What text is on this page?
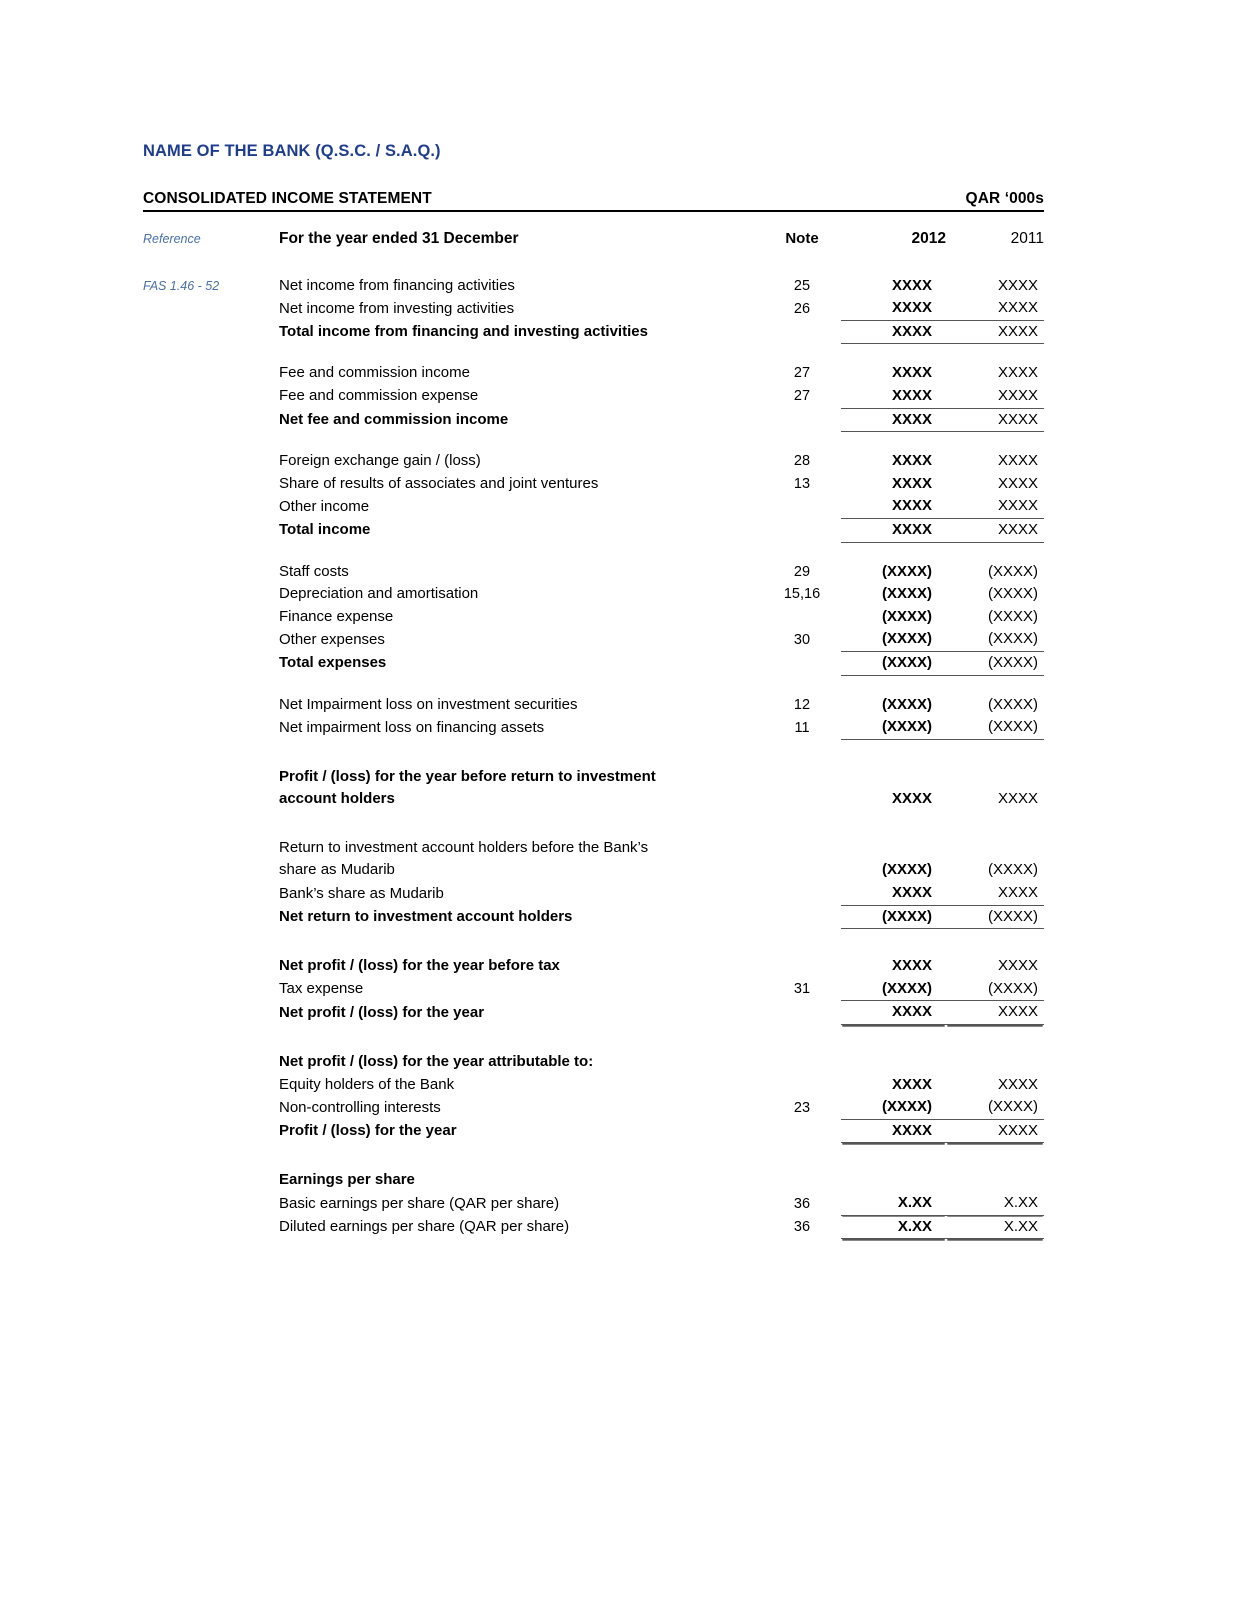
NAME OF THE BANK (Q.S.C. / S.A.Q.)
CONSOLIDATED INCOME STATEMENT	QAR ‘000s
Reference	For the year ended 31 December	Note	2012	2011

FAS 1.46 - 52	Net income from financing activities	25	XXXX	XXXX
	Net income from investing activities	26	XXXX	XXXX
	Total income from financing and investing activities		XXXX	XXXX

	Fee and commission income	27	XXXX	XXXX
	Fee and commission expense	27	XXXX	XXXX
	Net fee and commission income		XXXX	XXXX

	Foreign exchange gain / (loss)	28	XXXX	XXXX
	Share of results of associates and joint ventures	13	XXXX	XXXX
	Other income		XXXX	XXXX
	Total income		XXXX	XXXX

	Staff costs	29	(XXXX)	(XXXX)
	Depreciation and amortisation	15,16	(XXXX)	(XXXX)
	Finance expense		(XXXX)	(XXXX)
	Other expenses	30	(XXXX)	(XXXX)
	Total expenses		(XXXX)	(XXXX)

	Net Impairment loss on investment securities	12	(XXXX)	(XXXX)
	Net impairment loss on financing assets	11	(XXXX)	(XXXX)

	Profit / (loss) for the year before return to investment			
	account holders		XXXX	XXXX

	Return to investment account holders before the Bank’s			
	share as Mudarib		(XXXX)	(XXXX)
	Bank’s share as Mudarib		XXXX	XXXX
	Net return to investment account holders		(XXXX)	(XXXX)

	Net profit / (loss) for the year before tax		XXXX	XXXX
	Tax expense	31	(XXXX)	(XXXX)
	Net profit / (loss) for the year		XXXX	XXXX

	Net profit / (loss) for the year attributable to:			
	Equity holders of the Bank		XXXX	XXXX
	Non-controlling interests	23	(XXXX)	(XXXX)
	Profit / (loss) for the year		XXXX	XXXX

	Earnings per share			
	Basic earnings per share (QAR per share)	36	X.XX	X.XX
	Diluted earnings per share (QAR per share)	36	X.XX	X.XX
